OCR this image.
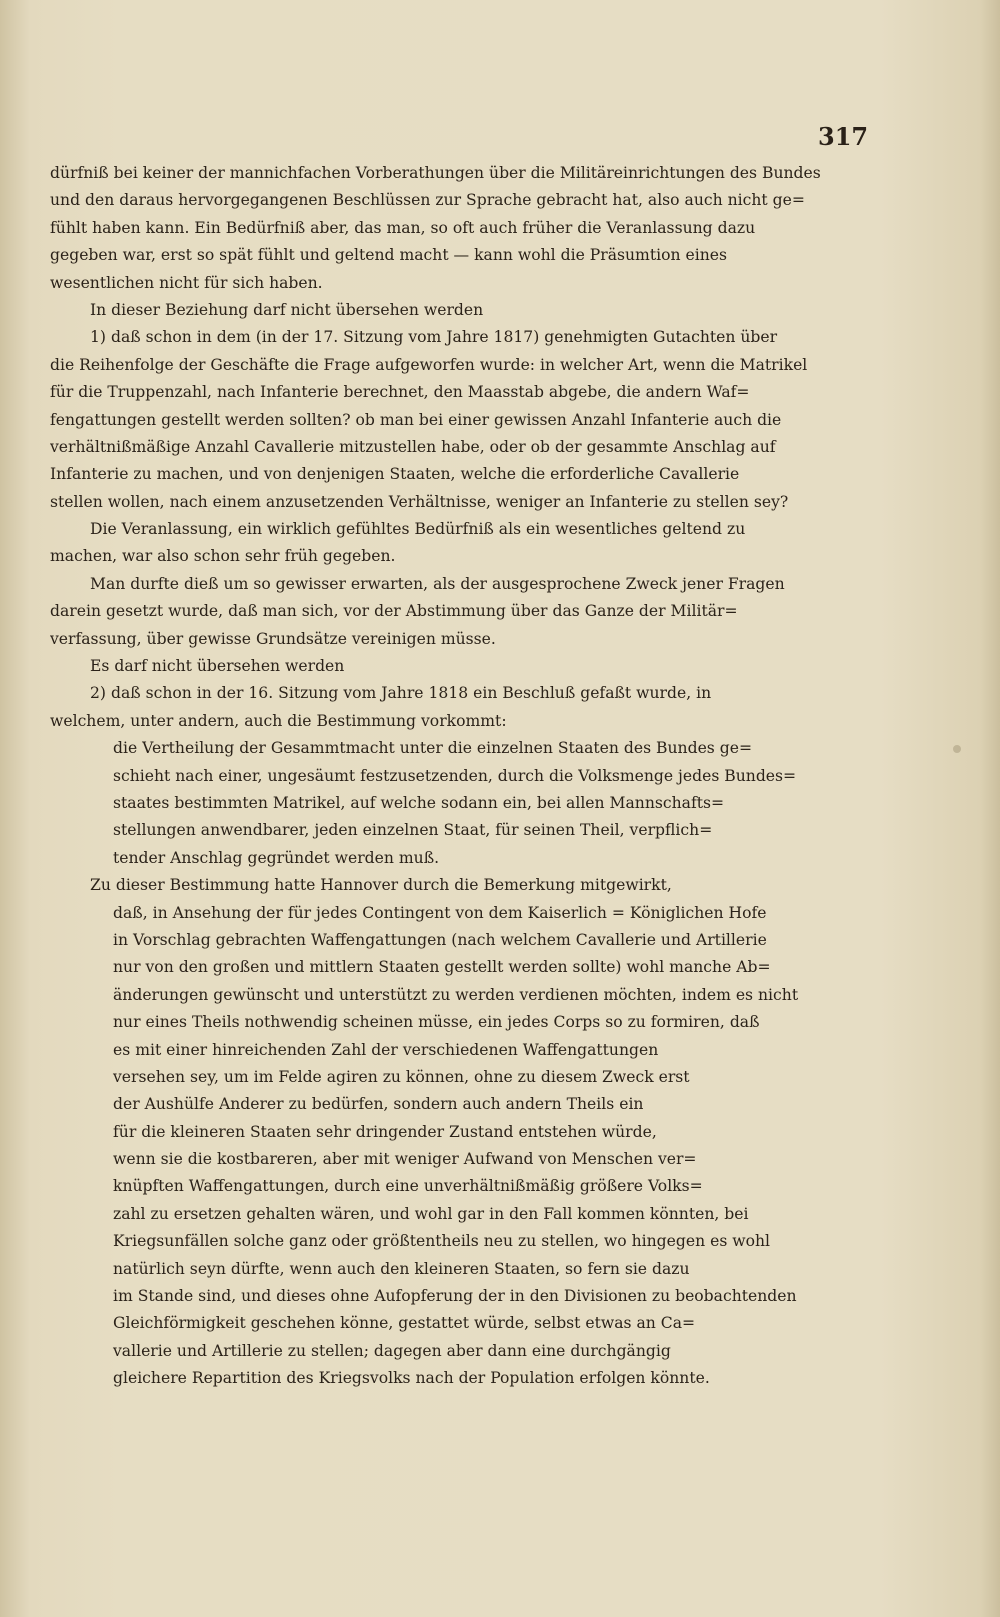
317
dürfniß bei keiner der mannichfachen Vorberathungen über die Militäreinrichtungen des Bundes
und den daraus hervorgegangenen Beschlüssen zur Sprache gebracht hat, also auch nicht ge=
fühlt haben kann. Ein Bedürfniß aber, das man, so oft auch früher die Veranlassung dazu
gegeben war, erst so spät fühlt und geltend macht — kann wohl die Präsumtion eines
wesentlichen nicht für sich haben.
In dieser Beziehung darf nicht übersehen werden
1) daß schon in dem (in der 17. Sitzung vom Jahre 1817) genehmigten Gutachten über
die Reihenfolge der Geschäfte die Frage aufgeworfen wurde: in welcher Art, wenn die Matrikel
für die Truppenzahl, nach Infanterie berechnet, den Maasstab abgebe, die andern Waf=
fengattungen gestellt werden sollten? ob man bei einer gewissen Anzahl Infanterie auch die
verhältnißmäßige Anzahl Cavallerie mitzustellen habe, oder ob der gesammte Anschlag auf
Infanterie zu machen, und von denjenigen Staaten, welche die erforderliche Cavallerie
stellen wollen, nach einem anzusetzenden Verhältnisse, weniger an Infanterie zu stellen sey?
Die Veranlassung, ein wirklich gefühltes Bedürfniß als ein wesentliches geltend zu
machen, war also schon sehr früh gegeben.
Man durfte dieß um so gewisser erwarten, als der ausgesprochene Zweck jener Fragen
darein gesetzt wurde, daß man sich, vor der Abstimmung über das Ganze der Militär=
verfassung, über gewisse Grundsätze vereinigen müsse.
Es darf nicht übersehen werden
2) daß schon in der 16. Sitzung vom Jahre 1818 ein Beschluß gefaßt wurde, in
welchem, unter andern, auch die Bestimmung vorkommt:
die Vertheilung der Gesammtmacht unter die einzelnen Staaten des Bundes ge=
schieht nach einer, ungesäumt festzusetzenden, durch die Volksmenge jedes Bundes=
staates bestimmten Matrikel, auf welche sodann ein, bei allen Mannschafts=
stellungen anwendbarer, jeden einzelnen Staat, für seinen Theil, verpflich=
tender Anschlag gegründet werden muß.
Zu dieser Bestimmung hatte Hannover durch die Bemerkung mitgewirkt,
daß, in Ansehung der für jedes Contingent von dem Kaiserlich = Königlichen Hofe
in Vorschlag gebrachten Waffengattungen (nach welchem Cavallerie und Artillerie
nur von den großen und mittlern Staaten gestellt werden sollte) wohl manche Ab=
änderungen gewünscht und unterstützt zu werden verdienen möchten, indem es nicht
nur eines Theils nothwendig scheinen müsse, ein jedes Corps so zu formiren, daß
es mit einer hinreichenden Zahl der verschiedenen Waffengattungen
versehen sey, um im Felde agiren zu können, ohne zu diesem Zweck erst
der Aushülfe Anderer zu bedürfen, sondern auch andern Theils ein
für die kleineren Staaten sehr dringender Zustand entstehen würde,
wenn sie die kostbareren, aber mit weniger Aufwand von Menschen ver=
knüpften Waffengattungen, durch eine unverhältnißmäßig größere Volks=
zahl zu ersetzen gehalten wären, und wohl gar in den Fall kommen könnten, bei
Kriegsunfällen solche ganz oder größtentheils neu zu stellen, wo hingegen es wohl
natürlich seyn dürfte, wenn auch den kleineren Staaten, so fern sie dazu
im Stande sind, und dieses ohne Aufopferung der in den Divisionen zu beobachtenden
Gleichförmigkeit geschehen könne, gestattet würde, selbst etwas an Ca=
vallerie und Artillerie zu stellen; dagegen aber dann eine durchgängig
gleichere Repartition des Kriegsvolks nach der Population erfolgen könnte.
